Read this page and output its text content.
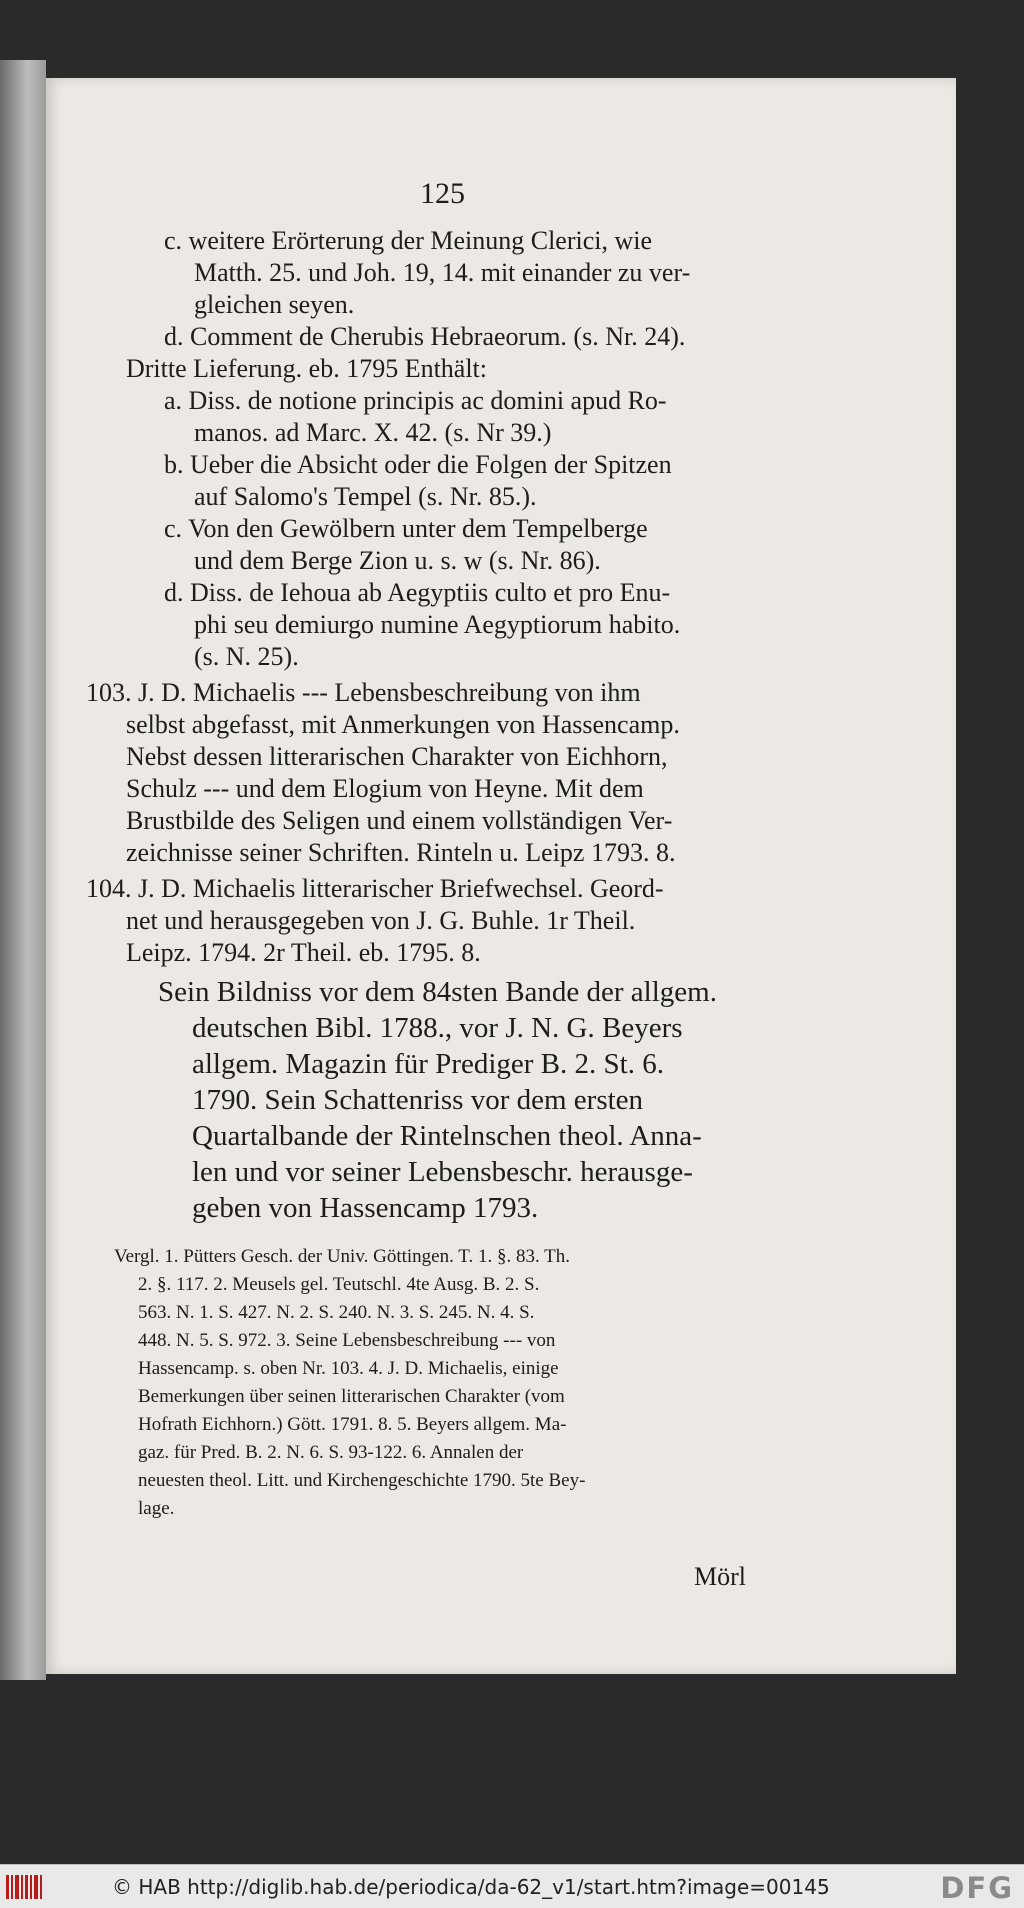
125
c. weitere Erörterung der Meinung Clerici, wie
Matth. 25. und Joh. 19, 14. mit einander zu ver-
gleichen seyen.
d. Comment de Cherubis Hebraeorum. (s. Nr. 24).
Dritte Lieferung. eb. 1795 Enthält:
a. Diss. de notione principis ac domini apud Ro-
manos. ad Marc. X. 42. (s. Nr 39.)
b. Ueber die Absicht oder die Folgen der Spitzen
auf Salomo's Tempel (s. Nr. 85.).
c. Von den Gewölbern unter dem Tempelberge
und dem Berge Zion u. s. w (s. Nr. 86).
d. Diss. de Iehoua ab Aegyptiis culto et pro Enu-
phi seu demiurgo numine Aegyptiorum habito.
(s. N. 25).
103. J. D. Michaelis --- Lebensbeschreibung von ihm
selbst abgefasst, mit Anmerkungen von Hassencamp.
Nebst dessen litterarischen Charakter von Eichhorn,
Schulz --- und dem Elogium von Heyne. Mit dem
Brustbilde des Seligen und einem vollständigen Ver-
zeichnisse seiner Schriften. Rinteln u. Leipz 1793. 8.
104. J. D. Michaelis litterarischer Briefwechsel. Geord-
net und herausgegeben von J. G. Buhle. 1r Theil.
Leipz. 1794. 2r Theil. eb. 1795. 8.
Sein Bildniss vor dem 84sten Bande der allgem.
deutschen Bibl. 1788., vor J. N. G. Beyers
allgem. Magazin für Prediger B. 2. St. 6.
1790. Sein Schattenriss vor dem ersten
Quartalbande der Rintelnschen theol. Anna-
len und vor seiner Lebensbeschr. herausge-
geben von Hassencamp 1793.
Vergl. 1. Pütters Gesch. der Univ. Göttingen. T. 1. §. 83. Th.
2. §. 117. 2. Meusels gel. Teutschl. 4te Ausg. B. 2. S.
563. N. 1. S. 427. N. 2. S. 240. N. 3. S. 245. N. 4. S.
448. N. 5. S. 972. 3. Seine Lebensbeschreibung --- von
Hassencamp. s. oben Nr. 103. 4. J. D. Michaelis, einige
Bemerkungen über seinen litterarischen Charakter (vom
Hofrath Eichhorn.) Gött. 1791. 8. 5. Beyers allgem. Ma-
gaz. für Pred. B. 2. N. 6. S. 93-122. 6. Annalen der
neuesten theol. Litt. und Kirchengeschichte 1790. 5te Bey-
lage.
Mörl
© HAB http://diglib.hab.de/periodica/da-62_v1/start.htm?image=00145	DFG
